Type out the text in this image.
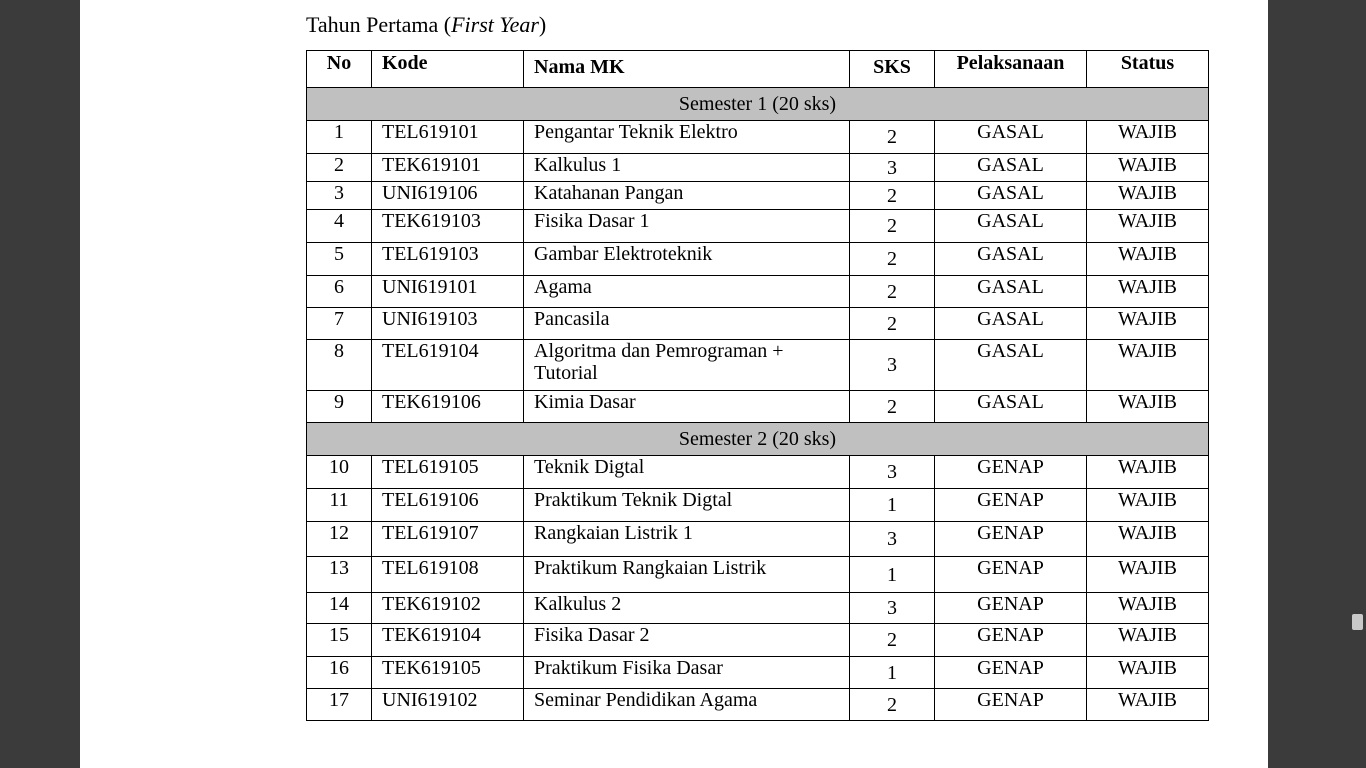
Tahun Pertama (First Year)
No	Kode	Nama MK	SKS	Pelaksanaan	Status
Semester 1 (20 sks)					
1	TEL619101	Pengantar Teknik Elektro	2	GASAL	WAJIB
2	TEK619101	Kalkulus 1	3	GASAL	WAJIB
3	UNI619106	Katahanan Pangan	2	GASAL	WAJIB
4	TEK619103	Fisika Dasar 1	2	GASAL	WAJIB
5	TEL619103	Gambar Elektroteknik	2	GASAL	WAJIB
6	UNI619101	Agama	2	GASAL	WAJIB
7	UNI619103	Pancasila	2	GASAL	WAJIB
8	TEL619104	Algoritma dan Pemrograman + Tutorial	3	GASAL	WAJIB
9	TEK619106	Kimia Dasar	2	GASAL	WAJIB
Semester 2 (20 sks)					
10	TEL619105	Teknik Digtal	3	GENAP	WAJIB
11	TEL619106	Praktikum Teknik Digtal	1	GENAP	WAJIB
12	TEL619107	Rangkaian Listrik 1	3	GENAP	WAJIB
13	TEL619108	Praktikum Rangkaian Listrik	1	GENAP	WAJIB
14	TEK619102	Kalkulus 2	3	GENAP	WAJIB
15	TEK619104	Fisika Dasar 2	2	GENAP	WAJIB
16	TEK619105	Praktikum Fisika Dasar	1	GENAP	WAJIB
17	UNI619102	Seminar Pendidikan Agama	2	GENAP	WAJIB
